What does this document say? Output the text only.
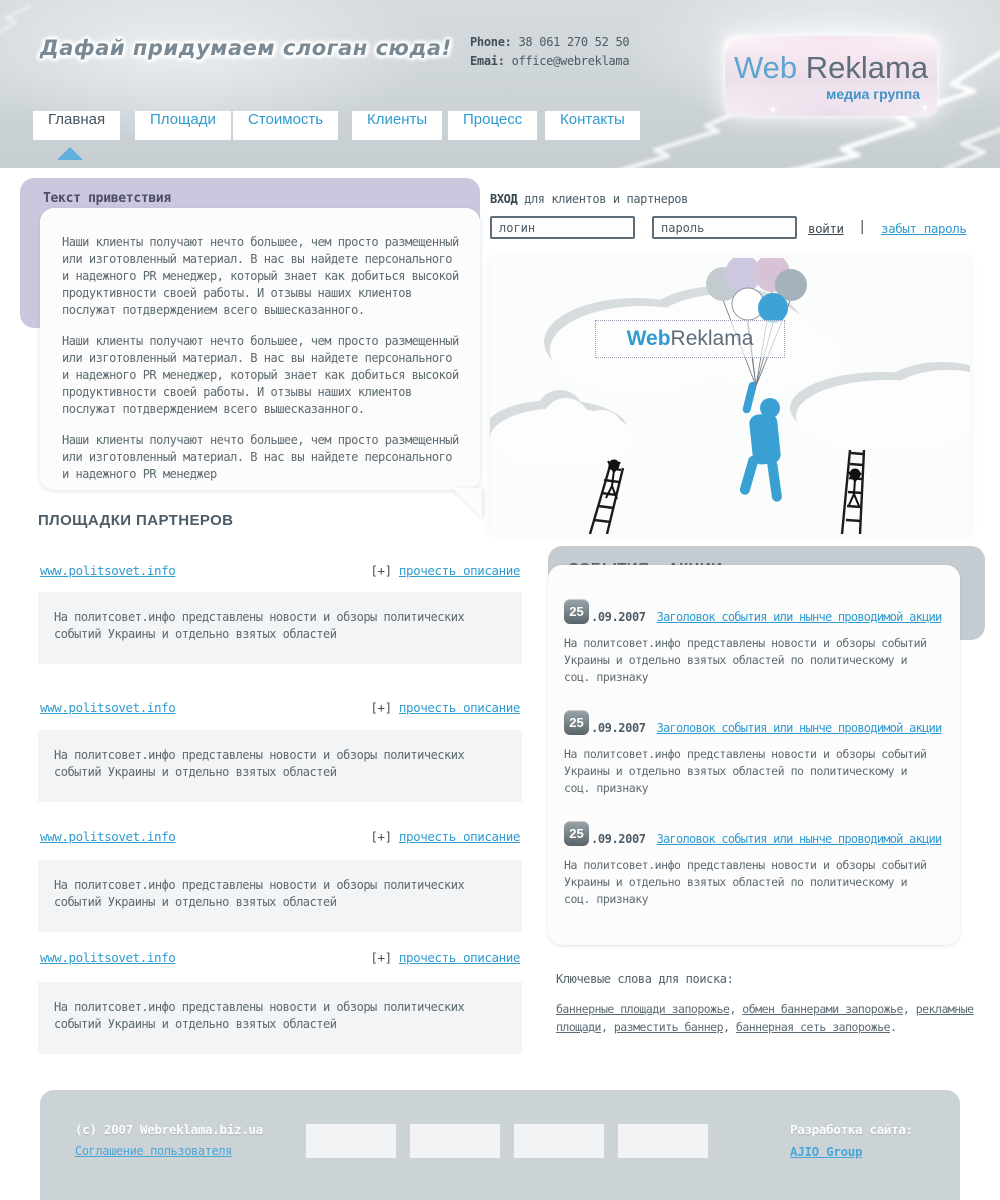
Дафай придумаем слоган сюда! Phone: 38 061 270 52 50
Emai: office@webreklama
✦
✦	✦
Web Reklama
медиа группа
Главная	Площади	Стоимость	Клиенты	Процесс	Контакты
Текст приветствия

Наши клиенты получают нечто большее, чем просто размещенный или изготовленный материал. В нас вы найдете персонального и надежного PR менеджер, который знает как добиться высокой продуктивности своей работы. И отзывы наших клиентов послужат потдверждением всего вышесказанного.

Наши клиенты получают нечто большее, чем просто размещенный или изготовленный материал. В нас вы найдете персонального и надежного PR менеджер, который знает как добиться высокой продуктивности своей работы. И отзывы наших клиентов послужат потдверждением всего вышесказанного.

Наши клиенты получают нечто большее, чем просто размещенный или изготовленный материал. В нас вы найдете персонального и надежного PR менеджер

ВХОД для клиентов и партнеров
логин
пароль
войти | забыт пароль
Web Reklama
ПЛОЩАДКИ ПАРТНЕРОВ
www.politsovet.info	[+] прочесть описание
На политсовет.инфо представлены новости и обзоры политических событий Украины и отдельно взятых областей
www.politsovet.info	[+] прочесть описание
На политсовет.инфо представлены новости и обзоры политических событий Украины и отдельно взятых областей
www.politsovet.info	[+] прочесть описание
На политсовет.инфо представлены новости и обзоры политических событий Украины и отдельно взятых областей
www.politsovet.info	[+] прочесть описание
На политсовет.инфо представлены новости и обзоры политических событий Украины и отдельно взятых областей
25 .09.2007 Заголовок события или нынче проводимой акции
На политсовет.инфо представлены новости и обзоры событий Украины и отдельно взятых областей по политическому и соц. признаку
25 .09.2007 Заголовок события или нынче проводимой акции
На политсовет.инфо представлены новости и обзоры событий Украины и отдельно взятых областей по политическому и соц. признаку
25 .09.2007 Заголовок события или нынче проводимой акции
На политсовет.инфо представлены новости и обзоры событий Украины и отдельно взятых областей по политическому и соц. признаку
Ключевые слова для поиска:
баннерные площади запорожье, обмен баннерами запорожье, рекламные площади, разместить баннер, баннерная сеть запорожье.
(c) 2007 Webreklama.biz.ua
Соглашение пользователя
Разработка сайта:
AJIO Group
